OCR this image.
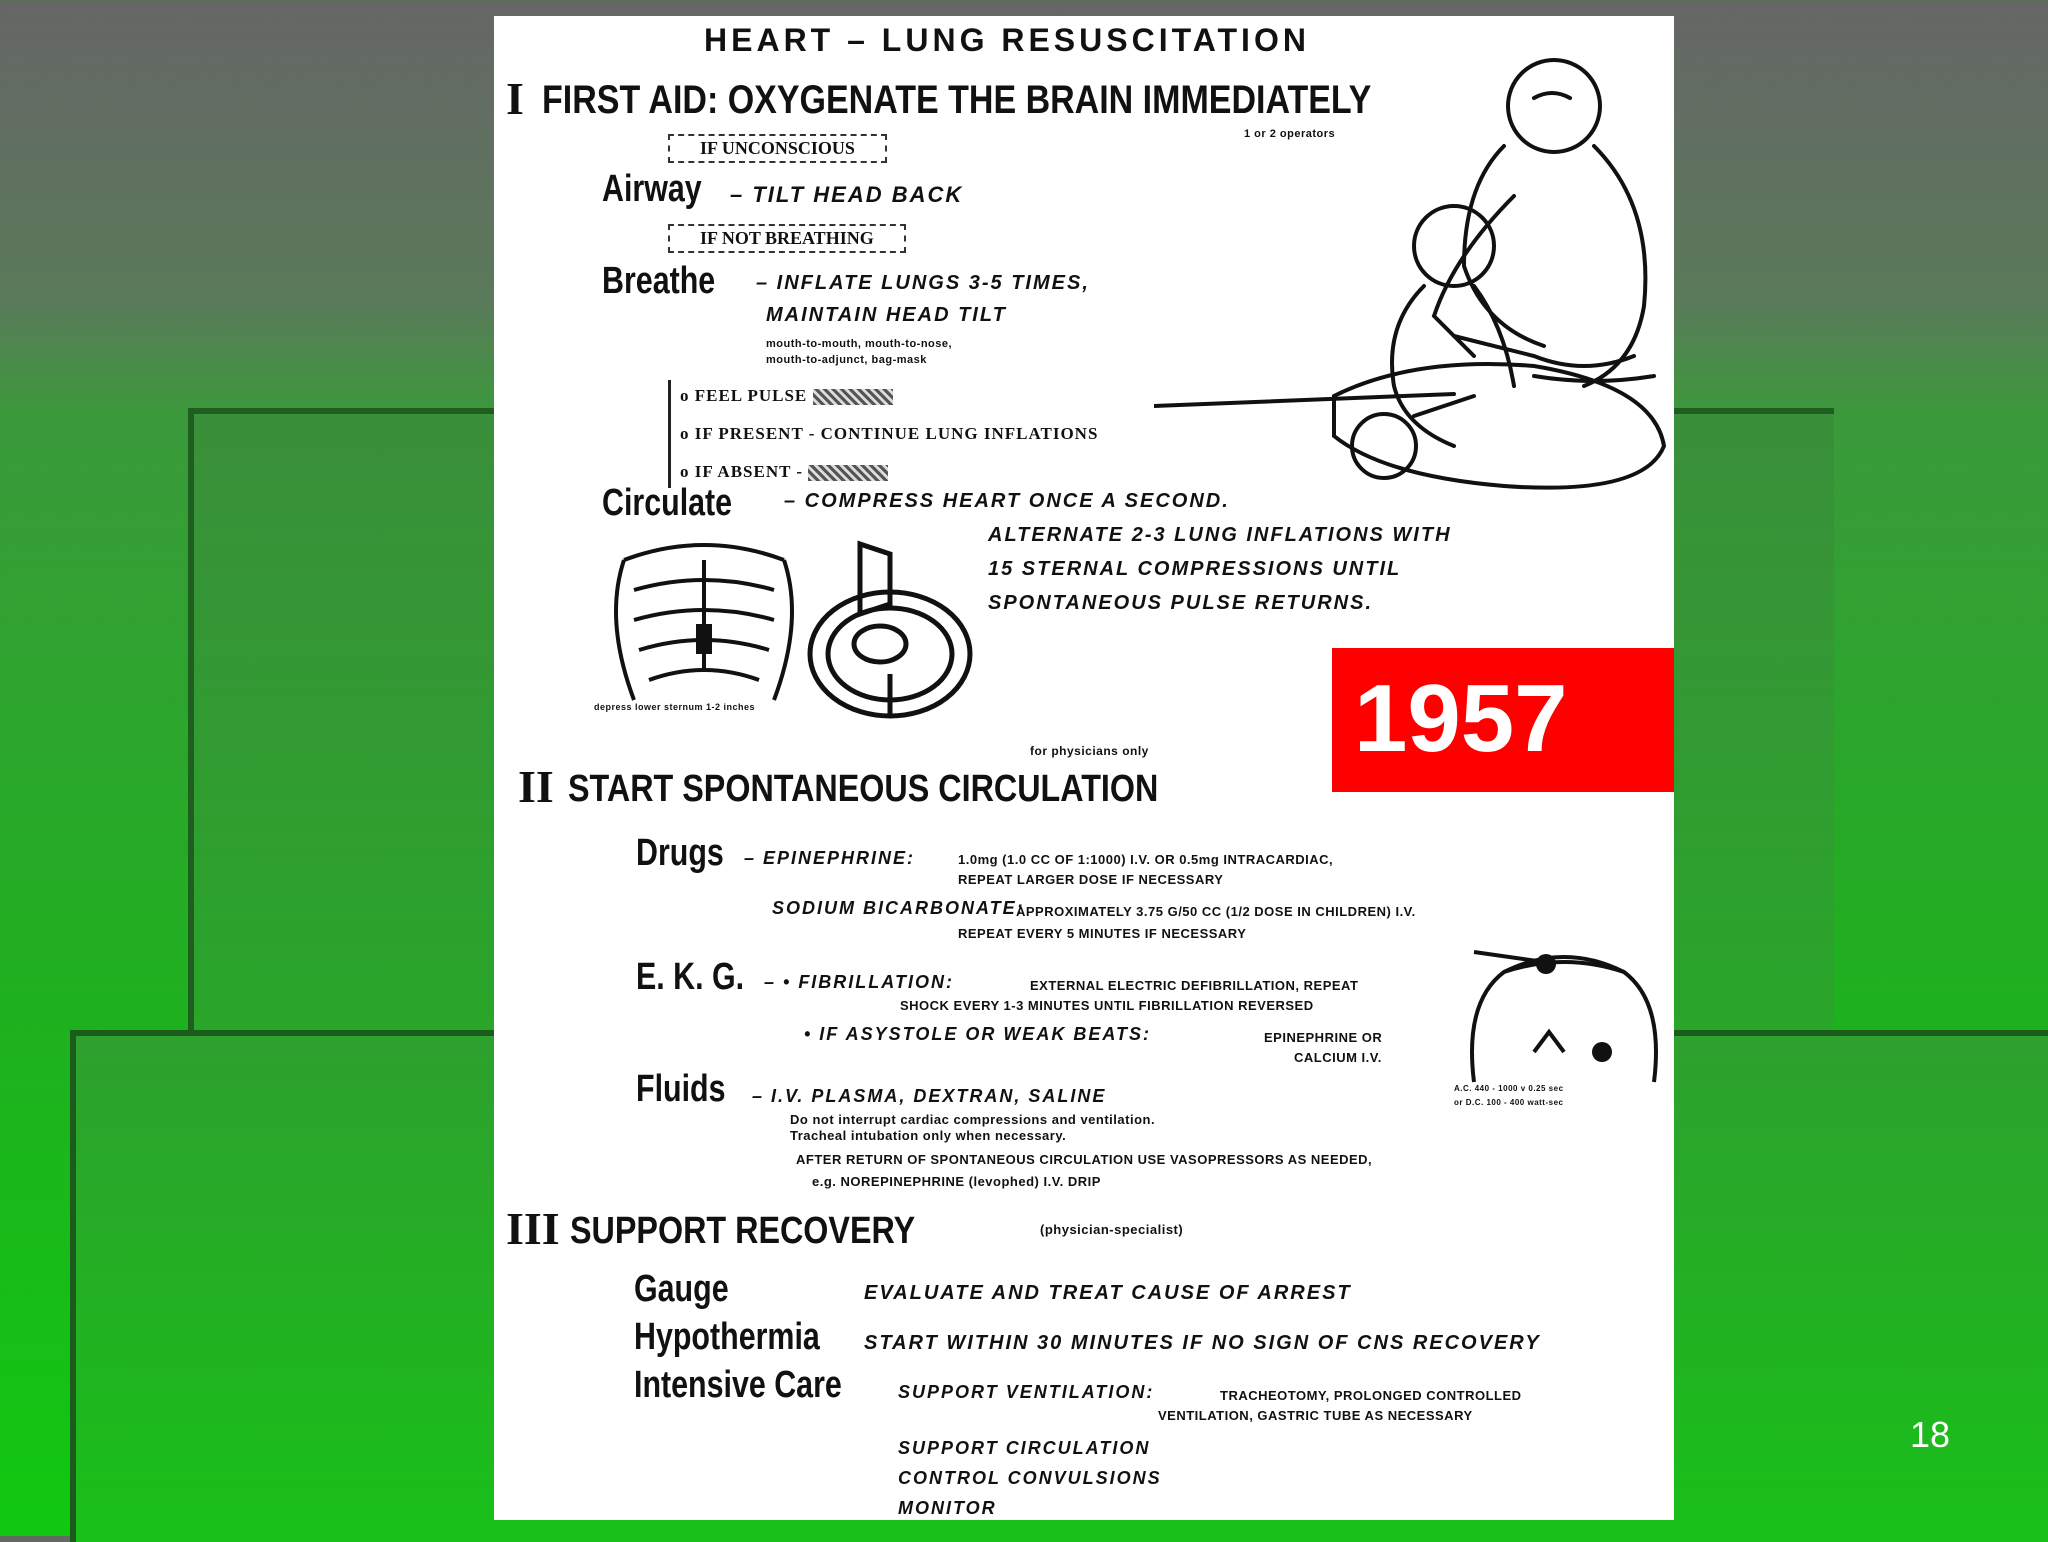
HEART – LUNG RESUSCITATION
I FIRST AID: OXYGENATE THE BRAIN IMMEDIATELY
1 or 2 operators
IF UNCONSCIOUS
Airway – TILT HEAD BACK
IF NOT BREATHING
Breathe – INFLATE LUNGS 3-5 TIMES,
MAINTAIN HEAD TILT
mouth-to-mouth, mouth-to-nose,
mouth-to-adjunct, bag-mask
o FEEL PULSE
o IF PRESENT - CONTINUE LUNG INFLATIONS
o IF ABSENT -
Circulate	– COMPRESS HEART ONCE A SECOND.
ALTERNATE 2-3 LUNG INFLATIONS WITH
15 STERNAL COMPRESSIONS UNTIL
SPONTANEOUS PULSE RETURNS.
depress lower sternum 1-2 inches
for physicians only
II START SPONTANEOUS CIRCULATION
Drugs – EPINEPHRINE:	1.0mg (1.0 CC OF 1:1000) I.V. OR 0.5mg INTRACARDIAC,
REPEAT LARGER DOSE IF NECESSARY
SODIUM BICARBONATE:
APPROXIMATELY 3.75 G/50 CC (1/2 DOSE IN CHILDREN) I.V.
REPEAT EVERY 5 MINUTES IF NECESSARY
E. K. G. – • FIBRILLATION:	EXTERNAL ELECTRIC DEFIBRILLATION, REPEAT
SHOCK EVERY 1-3 MINUTES UNTIL FIBRILLATION REVERSED
• IF ASYSTOLE OR WEAK BEATS:	EPINEPHRINE OR
CALCIUM I.V.
A.C. 440 - 1000 v 0.25 sec
or D.C. 100 - 400 watt-sec
Fluids – I.V. PLASMA, DEXTRAN, SALINE
Do not interrupt cardiac compressions and ventilation.
Tracheal intubation only when necessary.
AFTER RETURN OF SPONTANEOUS CIRCULATION USE VASOPRESSORS AS NEEDED,
e.g. NOREPINEPHRINE (levophed) I.V. DRIP
III SUPPORT RECOVERY	(physician-specialist)
Gauge	EVALUATE AND TREAT CAUSE OF ARREST
Hypothermia START WITHIN 30 MINUTES IF NO SIGN OF CNS RECOVERY
Intensive Care	SUPPORT VENTILATION:	TRACHEOTOMY, PROLONGED CONTROLLED
VENTILATION, GASTRIC TUBE AS NECESSARY
SUPPORT CIRCULATION
CONTROL CONVULSIONS
MONITOR
1957
18
